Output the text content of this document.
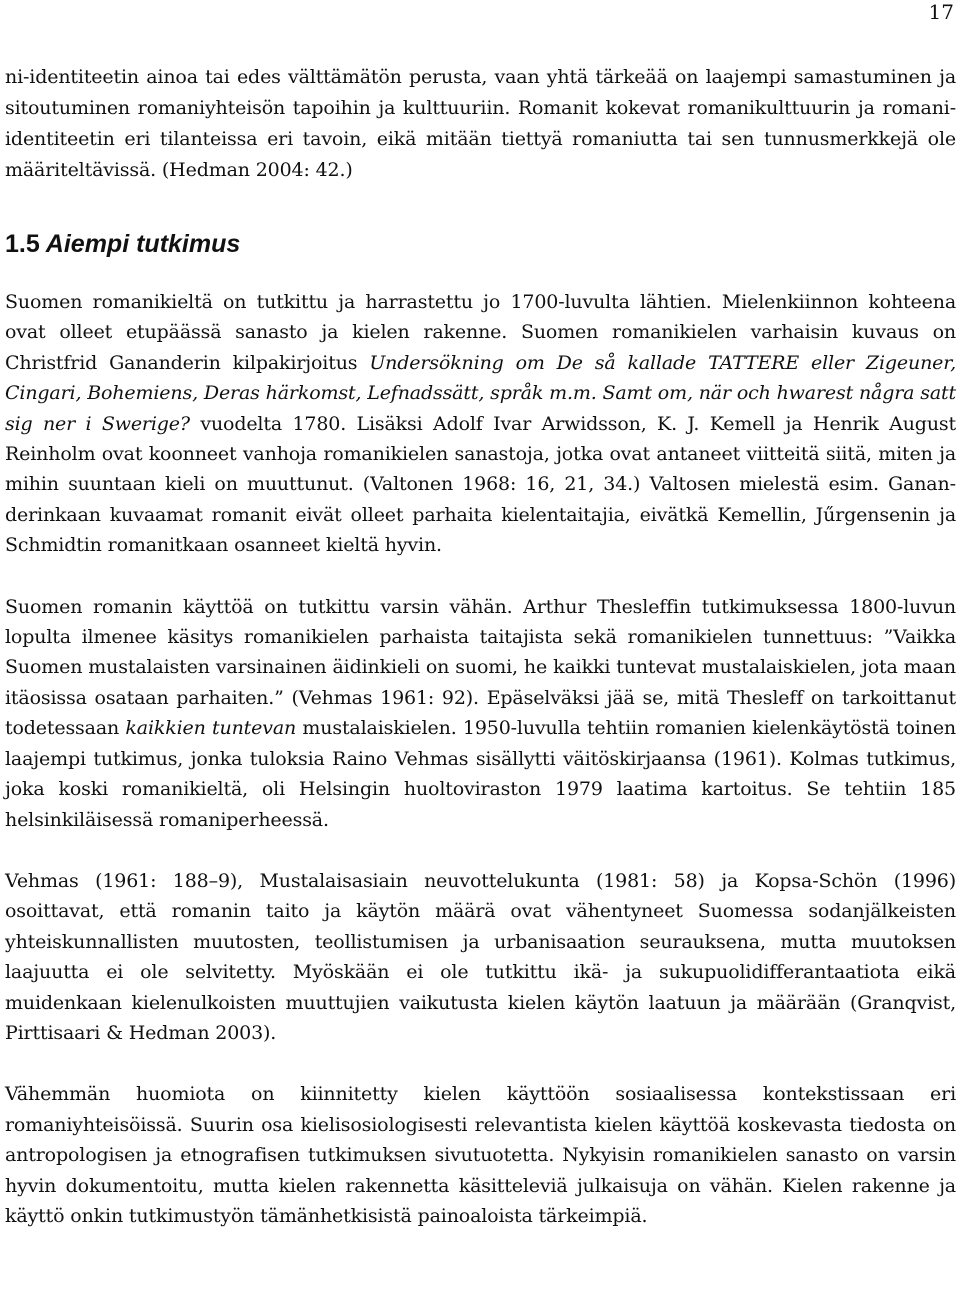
17

ni-identiteetin ainoa tai edes välttämätön perusta, vaan yhtä tärkeää on laajempi samastuminen ja sitoutuminen romaniyhteisön tapoihin ja kulttuuriin. Romanit kokevat romanikulttuurin ja romani-identiteetin eri tilanteissa eri tavoin, eikä mitään tiettyä romaniutta tai sen tunnusmerkkejä ole määriteltävissä. (Hedman 2004: 42.)

1.5 Aiempi tutkimus

Suomen romanikieltä on tutkittu ja harrastettu jo 1700-luvulta lähtien. Mielenkiinnon kohteena ovat olleet etupäässä sanasto ja kielen rakenne. Suomen romanikielen varhaisin kuvaus on Christfrid Gananderin kilpakirjoitus Undersökning om De så kallade TATTERE eller Zigeuner, Cingari, Bohemiens, Deras härkomst, Lefnadssätt, språk m.m. Samt om, när och hwarest några satt sig ner i Swerige? vuodelta 1780. Lisäksi Adolf Ivar Arwidsson, K. J. Kemell ja Henrik August Reinholm ovat koonneet vanhoja romanikielen sanastoja, jotka ovat antaneet viitteitä siitä, miten ja mihin suuntaan kieli on muuttunut. (Valtonen 1968: 16, 21, 34.) Valtosen mielestä esim. Gananderinkaan kuvaamat romanit eivät olleet parhaita kielentaitajia, eivätkä Kemellin, Jűrgensenin ja Schmidtin romanitkaan osanneet kieltä hyvin.

Suomen romanin käyttöä on tutkittu varsin vähän. Arthur Thesleffin tutkimuksessa 1800-luvun lopulta ilmenee käsitys romanikielen parhaista taitajista sekä romanikielen tunnettuus: ”Vaikka Suomen mustalaisten varsinainen äidinkieli on suomi, he kaikki tuntevat mustalaiskielen, jota maan itäosissa osataan parhaiten.” (Vehmas 1961: 92). Epäselväksi jää se, mitä Thesleff on tarkoittanut todetessaan kaikkien tuntevan mustalaiskielen. 1950-luvulla tehtiin romanien kielenkäytöstä toinen laajempi tutkimus, jonka tuloksia Raino Vehmas sisällytti väitöskirjaansa (1961). Kolmas tutkimus, joka koski romanikieltä, oli Helsingin huoltoviraston 1979 laatima kartoitus. Se tehtiin 185 helsinkiläisessä romaniperheessä.

Vehmas (1961: 188–9), Mustalaisasiain neuvottelukunta (1981: 58) ja Kopsa-Schön (1996) osoittavat, että romanin taito ja käytön määrä ovat vähentyneet Suomessa sodanjälkeisten yhteiskunnallisten muutosten, teollistumisen ja urbanisaation seurauksena, mutta muutoksen laajuutta ei ole selvitetty. Myöskään ei ole tutkittu ikä- ja sukupuolidifferantaatiota eikä muidenkaan kielenulkoisten muuttujien vaikutusta kielen käytön laatuun ja määrään (Granqvist, Pirttisaari & Hedman 2003).

Vähemmän huomiota on kiinnitetty kielen käyttöön sosiaalisessa kontekstissaan eri romaniyhteisöissä. Suurin osa kielisosiologisesti relevantista kielen käyttöä koskevasta tiedosta on antropologisen ja etnografisen tutkimuksen sivutuotetta. Nykyisin romanikielen sanasto on varsin hyvin dokumentoitu, mutta kielen rakennetta käsitteleviä julkaisuja on vähän. Kielen rakenne ja käyttö onkin tutkimustyön tämänhetkisistä painoaloista tärkeimpiä.
